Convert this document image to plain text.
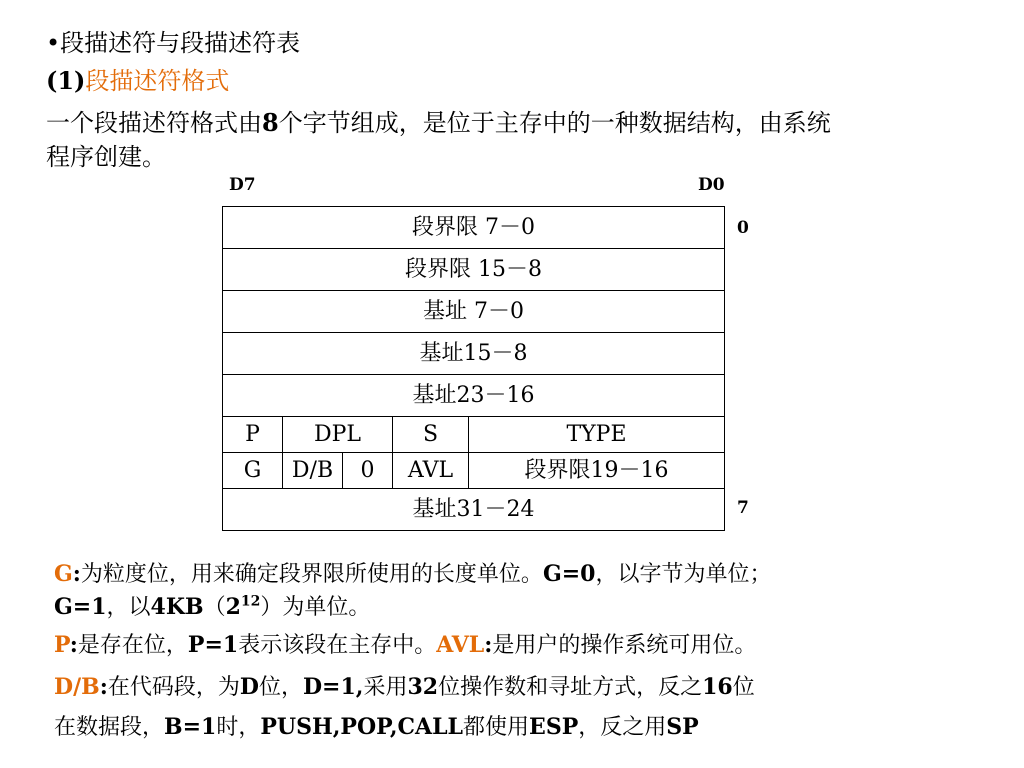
•段描述符与段描述符表
(1)段描述符格式
一个段描述符格式由8个字节组成，是位于主存中的一种数据结构，由系统
程序创建。
D7	D0
0
7
段界限 7－0				
段界限 15－8				
基址 7－0				
基址15－8				
基址23－16				
P	DPL		S	TYPE
G	D/B	0	AVL	段界限19－16
基址31－24				
G:为粒度位，用来确定段界限所使用的长度单位。G=0，以字节为单位；
G=1，以$4KB(2^{12})$为单位。
P:是存在位，P=1表示该段在主存中。AVL:是用户的操作系统可用位。
D/B:在代码段，为D位，D=1,采用32位操作数和寻址方式，反之16位
在数据段，B=1时，PUSH,POP,CALL都使用ESP，反之用SP
